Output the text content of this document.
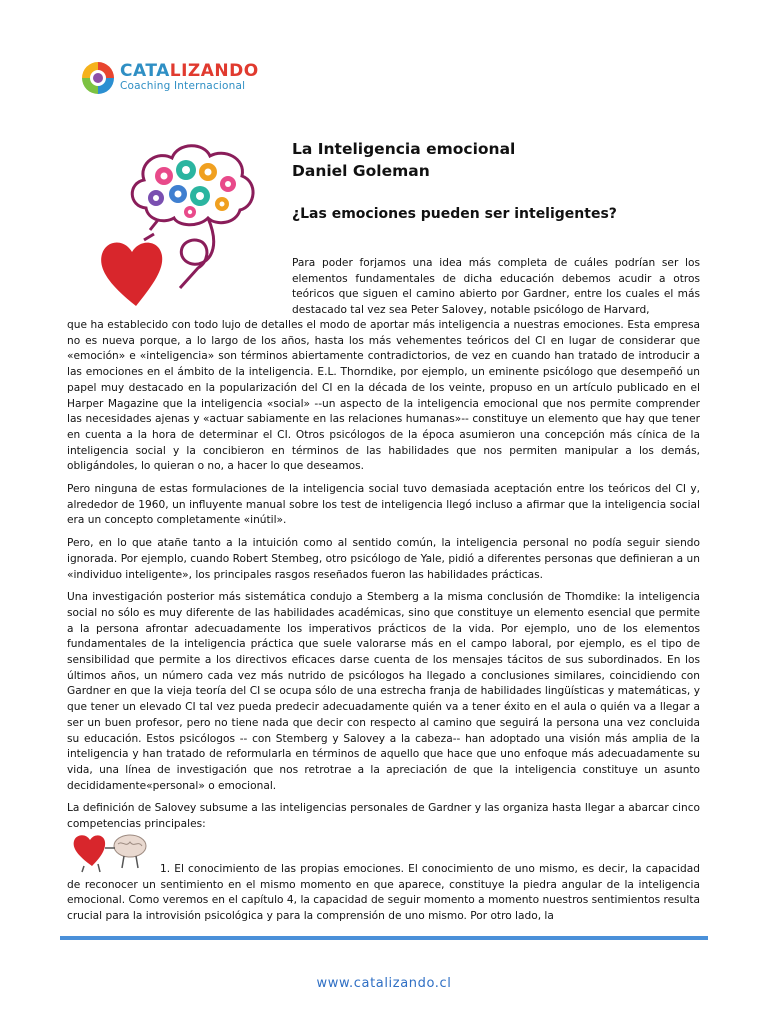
CATALIZANDO
Coaching Internacional
La Inteligencia emocional
Daniel Goleman
¿Las emociones pueden ser inteligentes?

Para poder forjamos una idea más completa de cuáles podrían ser los elementos fundamentales de dicha educación debemos acudir a otros teóricos que siguen el camino abierto por Gardner, entre los cuales el más destacado tal vez sea Peter Salovey, notable psicólogo de Harvard,

que ha establecido con todo lujo de detalles el modo de aportar más inteligencia a nuestras emociones. Esta empresa no es nueva porque, a lo largo de los años, hasta los más vehementes teóricos del CI en lugar de considerar que «emoción» e «inteligencia» son términos abiertamente contradictorios, de vez en cuando han tratado de introducir a las emociones en el ámbito de la inteligencia. E.L. Thorndike, por ejemplo, un eminente psicólogo que desempeñó un papel muy destacado en la popularización del CI en la década de los veinte, propuso en un artículo publicado en el Harper Magazine que la inteligencia «social» --un aspecto de la inteligencia emocional que nos permite comprender las necesidades ajenas y «actuar sabiamente en las relaciones humanas»-- constituye un elemento que hay que tener en cuenta a la hora de determinar el CI. Otros psicólogos de la época asumieron una concepción más cínica de la inteligencia social y la concibieron en términos de las habilidades que nos permiten manipular a los demás, obligándoles, lo quieran o no, a hacer lo que deseamos.

Pero ninguna de estas formulaciones de la inteligencia social tuvo demasiada aceptación entre los teóricos del CI y, alrededor de 1960, un influyente manual sobre los test de inteligencia llegó incluso a afirmar que la inteligencia social era un concepto completamente «inútil».

Pero, en lo que atañe tanto a la intuición como al sentido común, la inteligencia personal no podía seguir siendo ignorada. Por ejemplo, cuando Robert Stembeg, otro psicólogo de Yale, pidió a diferentes personas que definieran a un «individuo inteligente», los principales rasgos reseñados fueron las habilidades prácticas.

Una investigación posterior más sistemática condujo a Stemberg a la misma conclusión de Thomdike: la inteligencia social no sólo es muy diferente de las habilidades académicas, sino que constituye un elemento esencial que permite a la persona afrontar adecuadamente los imperativos prácticos de la vida. Por ejemplo, uno de los elementos fundamentales de la inteligencia práctica que suele valorarse más en el campo laboral, por ejemplo, es el tipo de sensibilidad que permite a los directivos eficaces darse cuenta de los mensajes tácitos de sus subordinados. En los últimos años, un número cada vez más nutrido de psicólogos ha llegado a conclusiones similares, coincidiendo con Gardner en que la vieja teoría del CI se ocupa sólo de una estrecha franja de habilidades lingüísticas y matemáticas, y que tener un elevado CI tal vez pueda predecir adecuadamente quién va a tener éxito en el aula o quién va a llegar a ser un buen profesor, pero no tiene nada que decir con respecto al camino que seguirá la persona una vez concluida su educación. Estos psicólogos -- con Stemberg y Salovey a la cabeza-- han adoptado una visión más amplia de la inteligencia y han tratado de reformularla en términos de aquello que hace que uno enfoque más adecuadamente su vida, una línea de investigación que nos retrotrae a la apreciación de que la inteligencia constituye un asunto decididamente«personal» o emocional.

La definición de Salovey subsume a las inteligencias personales de Gardner y las organiza hasta llegar a abarcar cinco competencias principales:

1. El conocimiento de las propias emociones. El conocimiento de uno mismo, es decir, la capacidad de reconocer un sentimiento en el mismo momento en que aparece, constituye la piedra angular de la inteligencia emocional. Como veremos en el capítulo 4, la capacidad de seguir momento a momento nuestros sentimientos resulta crucial para la introvisión psicológica y para la comprensión de uno mismo. Por otro lado, la

www.catalizando.cl
